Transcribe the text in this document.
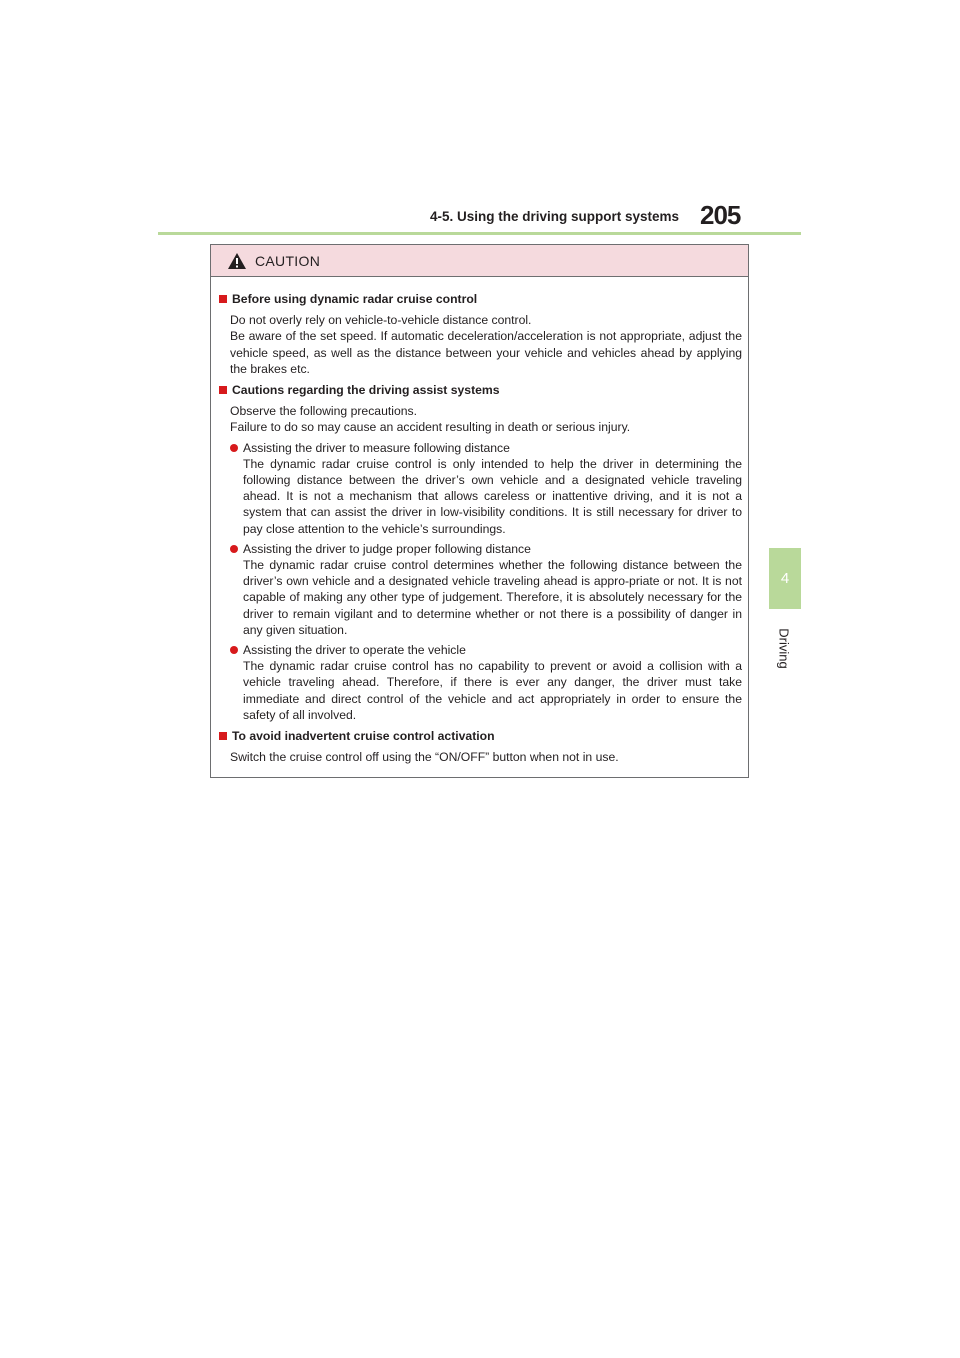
4-5. Using the driving support systems 205
4
Driving
CAUTION
Before using dynamic radar cruise control
Do not overly rely on vehicle-to-vehicle distance control.
Be aware of the set speed. If automatic deceleration/acceleration is not appropriate, adjust the vehicle speed, as well as the distance between your vehicle and vehicles ahead by applying the brakes etc.
Cautions regarding the driving assist systems
Observe the following precautions.
Failure to do so may cause an accident resulting in death or serious injury.
Assisting the driver to measure following distance
The dynamic radar cruise control is only intended to help the driver in determining the following distance between the driver’s own vehicle and a designated vehicle traveling ahead. It is not a mechanism that allows careless or inattentive driving, and it is not a system that can assist the driver in low-visibility conditions. It is still necessary for driver to pay close attention to the vehicle’s surroundings.
Assisting the driver to judge proper following distance
The dynamic radar cruise control determines whether the following distance between the driver’s own vehicle and a designated vehicle traveling ahead is appro-priate or not. It is not capable of making any other type of judgement. Therefore, it is absolutely necessary for the driver to remain vigilant and to determine whether or not there is a possibility of danger in any given situation.
Assisting the driver to operate the vehicle
The dynamic radar cruise control has no capability to prevent or avoid a collision with a vehicle traveling ahead. Therefore, if there is ever any danger, the driver must take immediate and direct control of the vehicle and act appropriately in order to ensure the safety of all involved.
To avoid inadvertent cruise control activation
Switch the cruise control off using the “ON/OFF” button when not in use.
